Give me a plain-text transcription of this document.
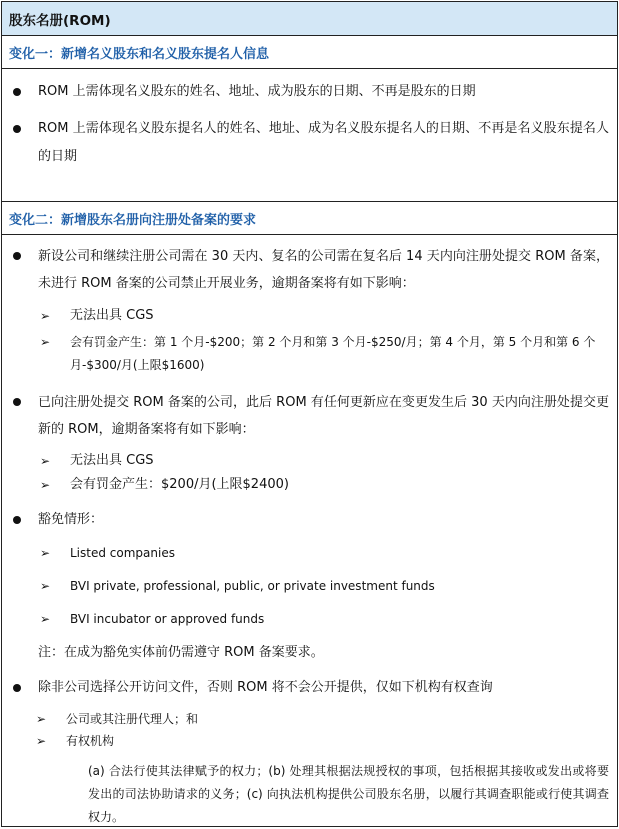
股东名册(ROM)
变化一：新增名义股东和名义股东提名人信息
ROM 上需体现名义股东的姓名、地址、成为股东的日期、不再是股东的日期
ROM 上需体现名义股东提名人的姓名、地址、成为名义股东提名人的日期、不再是名义股东提名人的日期
变化二：新增股东名册向注册处备案的要求
新设公司和继续注册公司需在 30 天内、复名的公司需在复名后 14 天内向注册处提交 ROM 备案，未进行 ROM 备案的公司禁止开展业务，逾期备案将有如下影响：
➢ 无法出具 CGS
➢ 会有罚金产生：第 1 个月-$200；第 2 个月和第 3 个月-$250/月；第 4 个月，第 5 个月和第 6 个月-$300/月(上限$1600)
已向注册处提交 ROM 备案的公司，此后 ROM 有任何更新应在变更发生后 30 天内向注册处提交更新的 ROM，逾期备案将有如下影响：
➢ 无法出具 CGS
➢ 会有罚金产生：$200/月(上限$2400)
豁免情形：
➢ Listed companies
➢ BVI private, professional, public, or private investment funds
➢ BVI incubator or approved funds
注：在成为豁免实体前仍需遵守 ROM 备案要求。
除非公司选择公开访问文件，否则 ROM 将不会公开提供，仅如下机构有权查询
➢ 公司或其注册代理人；和
➢ 有权机构
(a) 合法行使其法律赋予的权力；(b) 处理其根据法规授权的事项，包括根据其接收或发出或将要发出的司法协助请求的义务；(c) 向执法机构提供公司股东名册，以履行其调查职能或行使其调查权力。
